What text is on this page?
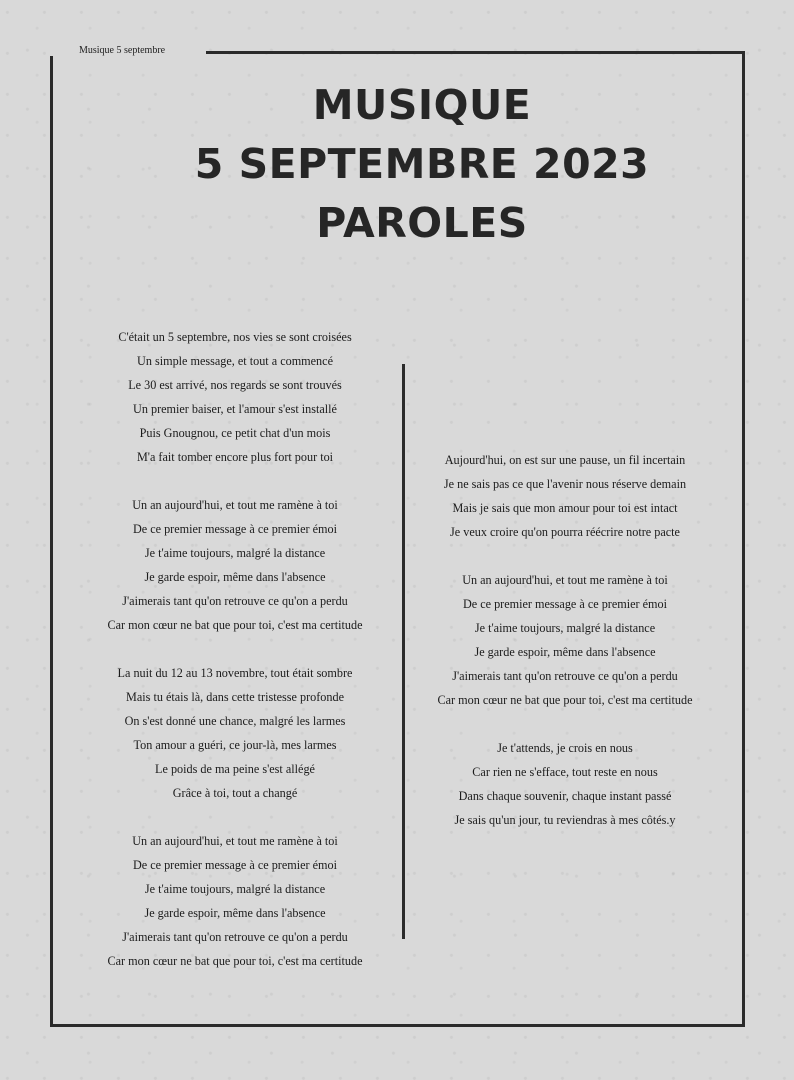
Musique 5 septembre
MUSIQUE
5 SEPTEMBRE 2023
PAROLES
C'était un 5 septembre, nos vies se sont croisées
Un simple message, et tout a commencé
Le 30 est arrivé, nos regards se sont trouvés
Un premier baiser, et l'amour s'est installé
Puis Gnougnou, ce petit chat d'un mois
M'a fait tomber encore plus fort pour toi
Un an aujourd'hui, et tout me ramène à toi
De ce premier message à ce premier émoi
Je t'aime toujours, malgré la distance
Je garde espoir, même dans l'absence
J'aimerais tant qu'on retrouve ce qu'on a perdu
Car mon cœur ne bat que pour toi, c'est ma certitude
La nuit du 12 au 13 novembre, tout était sombre
Mais tu étais là, dans cette tristesse profonde
On s'est donné une chance, malgré les larmes
Ton amour a guéri, ce jour-là, mes larmes
Le poids de ma peine s'est allégé
Grâce à toi, tout a changé
Un an aujourd'hui, et tout me ramène à toi
De ce premier message à ce premier émoi
Je t'aime toujours, malgré la distance
Je garde espoir, même dans l'absence
J'aimerais tant qu'on retrouve ce qu'on a perdu
Car mon cœur ne bat que pour toi, c'est ma certitude
Aujourd'hui, on est sur une pause, un fil incertain
Je ne sais pas ce que l'avenir nous réserve demain
Mais je sais que mon amour pour toi est intact
Je veux croire qu'on pourra réécrire notre pacte
Un an aujourd'hui, et tout me ramène à toi
De ce premier message à ce premier émoi
Je t'aime toujours, malgré la distance
Je garde espoir, même dans l'absence
J'aimerais tant qu'on retrouve ce qu'on a perdu
Car mon cœur ne bat que pour toi, c'est ma certitude
Je t'attends, je crois en nous
Car rien ne s'efface, tout reste en nous
Dans chaque souvenir, chaque instant passé
Je sais qu'un jour, tu reviendras à mes côtés.y
